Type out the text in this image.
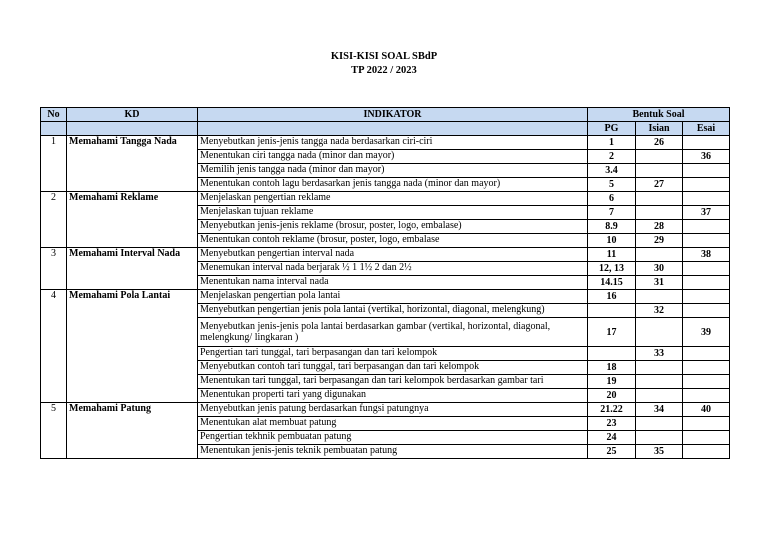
KISI-KISI SOAL SBdP
TP 2022 / 2023
No	KD	INDIKATOR	Bentuk Soal		
			PG	Isian	Esai
1	Memahami Tangga Nada	Menyebutkan jenis-jenis tangga nada berdasarkan ciri-ciri	1	26	
		Menentukan ciri tangga nada (minor dan mayor)	2		36
		Memilih jenis tangga nada (minor dan mayor)	3.4		
		Menentukan contoh lagu berdasarkan jenis tangga nada (minor dan mayor)	5	27	
2	Memahami Reklame	Menjelaskan pengertian reklame	6		
		Menjelaskan tujuan reklame	7		37
		Menyebutkan jenis-jenis reklame (brosur, poster, logo, embalase)	8.9	28	
		Menentukan contoh reklame (brosur, poster, logo, embalase	10	29	
3	Memahami Interval Nada	Menyebutkan pengertian interval nada	11		38
		Menemukan interval nada berjarak ½ 1 1½ 2 dan 2½	12, 13	30	
		Menentukan nama interval nada	14.15	31	
4	Memahami Pola Lantai	Menjelaskan pengertian pola lantai	16		
		Menyebutkan pengertian jenis pola lantai (vertikal, horizontal, diagonal, melengkung)		32	
		Menyebutkan jenis-jenis pola lantai berdasarkan gambar (vertikal, horizontal, diagonal, melengkung/ lingkaran )	17		39
		Pengertian tari tunggal, tari berpasangan dan tari kelompok		33	
		Menyebutkan contoh tari tunggal, tari berpasangan dan tari kelompok	18		
		Menentukan tari tunggal, tari berpasangan dan tari kelompok berdasarkan gambar tari	19		
		Menentukan properti tari yang digunakan	20		
5	Memahami Patung	Menyebutkan jenis patung berdasarkan fungsi patungnya	21.22	34	40
		Menentukan alat membuat patung	23		
		Pengertian tekhnik pembuatan patung	24		
		Menentukan jenis-jenis teknik pembuatan patung	25	35	
